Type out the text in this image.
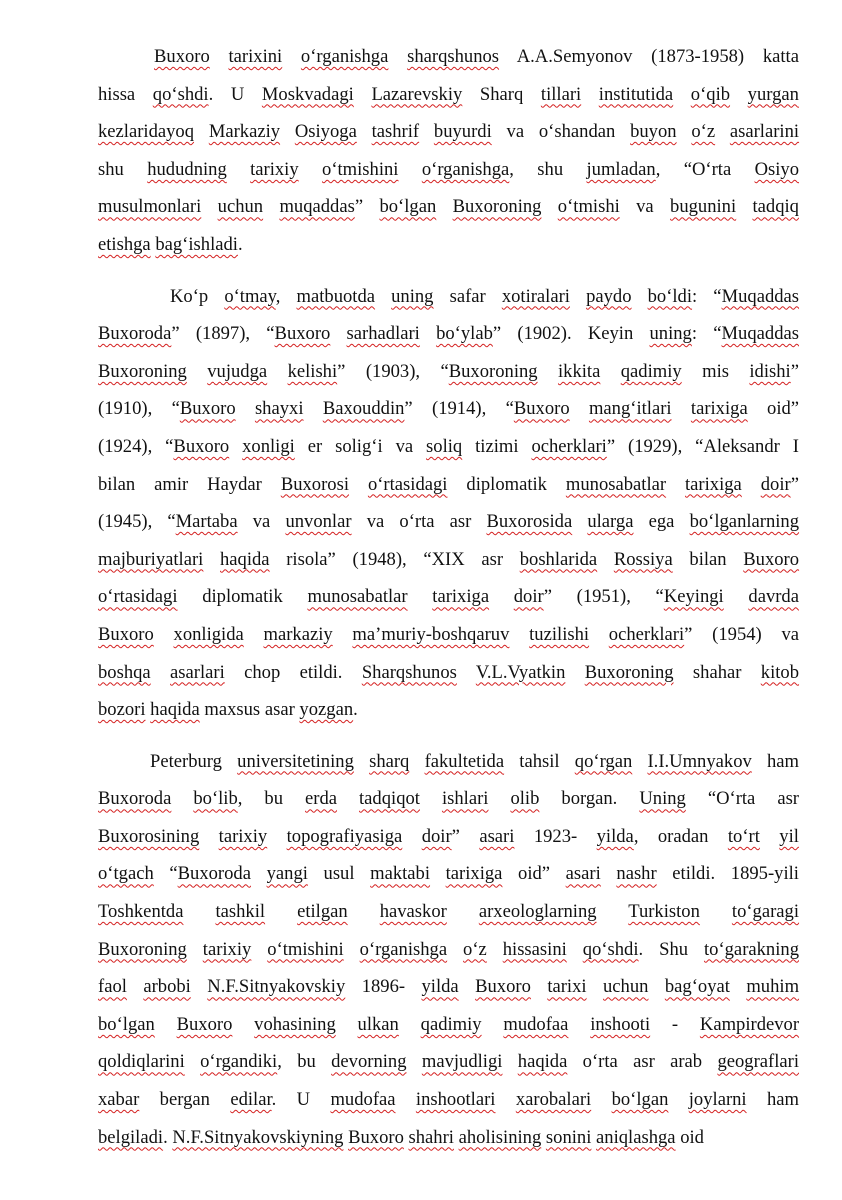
Buxoro tarixini o‘rganishga sharqshunos A.A.Semyonov (1873-1958) katta
hissa qo‘shdi. U Moskvadagi Lazarevskiy Sharq tillari institutida o‘qib yurgan
kezlaridayoq Markaziy Osiyoga tashrif buyurdi va o‘shandan buyon o‘z asarlarini
shu hududning tarixiy o‘tmishini o‘rganishga, shu jumladan, “O‘rta Osiyo
musulmonlari uchun muqaddas” bo‘lgan Buxoroning o‘tmishi va bugunini tadqiq
etishga bag‘ishladi.
Ko‘p o‘tmay, matbuotda uning safar xotiralari paydo bo‘ldi: “Muqaddas
Buxoroda” (1897), “Buxoro sarhadlari bo‘ylab” (1902). Keyin uning: “Muqaddas
Buxoroning vujudga kelishi” (1903), “Buxoroning ikkita qadimiy mis idishi”
(1910), “Buxoro shayxi Baxouddin” (1914), “Buxoro mang‘itlari tarixiga oid”
(1924), “Buxoro xonligi er solig‘i va soliq tizimi ocherklari” (1929), “Aleksandr I
bilan amir Haydar Buxorosi o‘rtasidagi diplomatik munosabatlar tarixiga doir”
(1945), “Martaba va unvonlar va o‘rta asr Buxorosida ularga ega bo‘lganlarning
majburiyatlari haqida risola” (1948), “XIX asr boshlarida Rossiya bilan Buxoro
o‘rtasidagi diplomatik munosabatlar tarixiga doir” (1951), “Keyingi davrda
Buxoro xonligida markaziy ma’muriy-boshqaruv tuzilishi ocherklari” (1954) va
boshqa asarlari chop etildi. Sharqshunos V.L.Vyatkin Buxoroning shahar kitob
bozori haqida maxsus asar yozgan.
Peterburg universitetining sharq fakultetida tahsil qo‘rgan I.I.Umnyakov ham
Buxoroda bo‘lib, bu erda tadqiqot ishlari olib borgan. Uning “O‘rta asr
Buxorosining tarixiy topografiyasiga doir” asari 1923- yilda, oradan to‘rt yil
o‘tgach “Buxoroda yangi usul maktabi tarixiga oid” asari nashr etildi. 1895-yili
Toshkentda tashkil etilgan havaskor arxeologlarning Turkiston to‘garagi
Buxoroning tarixiy o‘tmishini o‘rganishga o‘z hissasini qo‘shdi. Shu to‘garakning
faol arbobi N.F.Sitnyakovskiy 1896- yilda Buxoro tarixi uchun bag‘oyat muhim
bo‘lgan Buxoro vohasining ulkan qadimiy mudofaa inshooti - Kampirdevor
qoldiqlarini o‘rgandiki, bu devorning mavjudligi haqida o‘rta asr arab geograflari
xabar bergan edilar. U mudofaa inshootlari xarobalari bo‘lgan joylarni ham
belgiladi. N.F.Sitnyakovskiyning Buxoro shahri aholisining sonini aniqlashga oid
